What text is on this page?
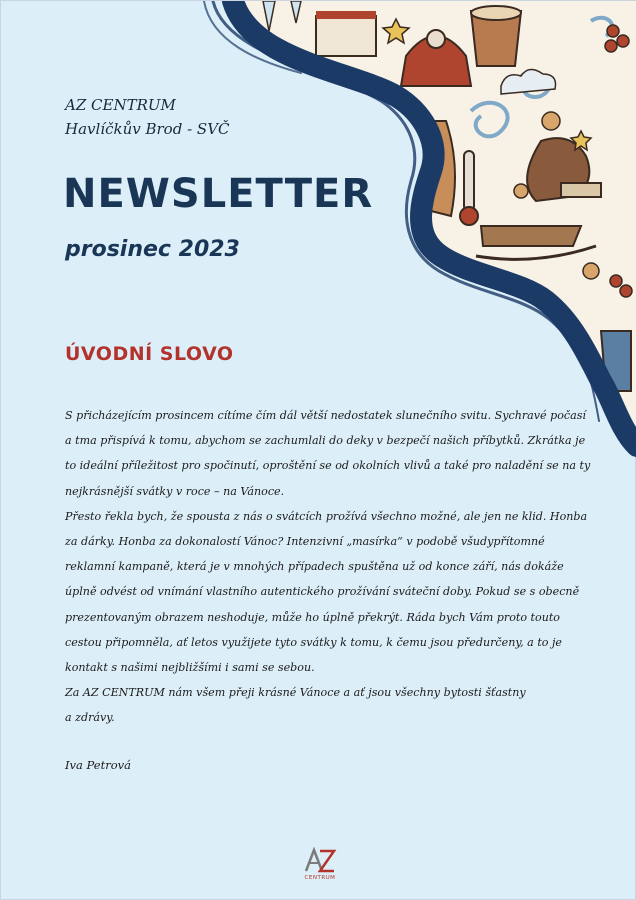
AZ CENTRUM
Havlíčkův Brod - SVČ
NEWSLETTER
prosinec 2023
ÚVODNÍ SLOVO
S přicházejícím prosincem cítíme čím dál větší nedostatek slunečního svitu. Sychravé počasí
a tma přispívá k tomu, abychom se zachumlali do deky v bezpečí našich příbytků. Zkrátka je
to ideální příležitost pro spočinutí, oproštění se od okolních vlivů a také pro naladění se na ty
nejkrásnější svátky v roce – na Vánoce.
Přesto řekla bych, že spousta z nás o svátcích prožívá všechno možné, ale jen ne klid. Honba
za dárky. Honba za dokonalostí Vánoc? Intenzivní „masírka“ v podobě všudypřítomné
reklamní kampaně, která je v mnohých případech spuštěna už od konce září, nás dokáže
úplně odvést od vnímání vlastního autentického prožívání sváteční doby. Pokud se s obecně
prezentovaným obrazem neshoduje, může ho úplně překrýt. Ráda bych Vám proto touto
cestou připomněla, ať letos využijete tyto svátky k tomu, k čemu jsou předurčeny, a to je
kontakt s našimi nejbližšími i sami se sebou.
Za AZ CENTRUM nám všem přeji krásné Vánoce a ať jsou všechny bytosti šťastny
a zdrávy.
Iva Petrová
CENTRUM
